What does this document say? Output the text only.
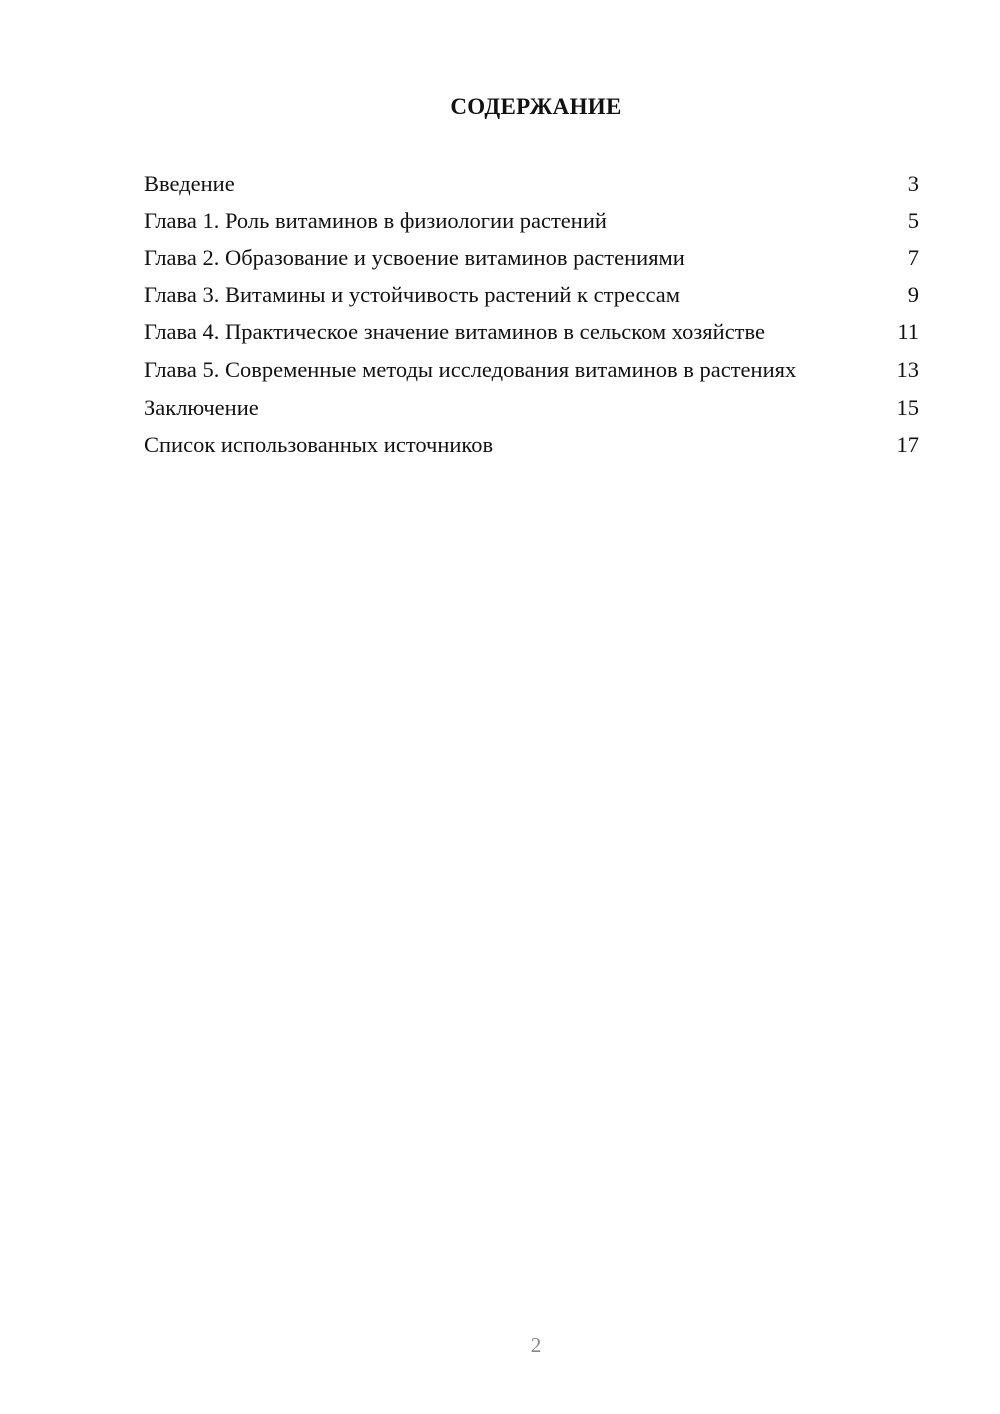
СОДЕРЖАНИЕ
Введение	3
Глава 1. Роль витаминов в физиологии растений	5
Глава 2. Образование и усвоение витаминов растениями	7
Глава 3. Витамины и устойчивость растений к стрессам	9
Глава 4. Практическое значение витаминов в сельском хозяйстве	11
Глава 5. Современные методы исследования витаминов в растениях	13
Заключение	15
Список использованных источников	17
2
